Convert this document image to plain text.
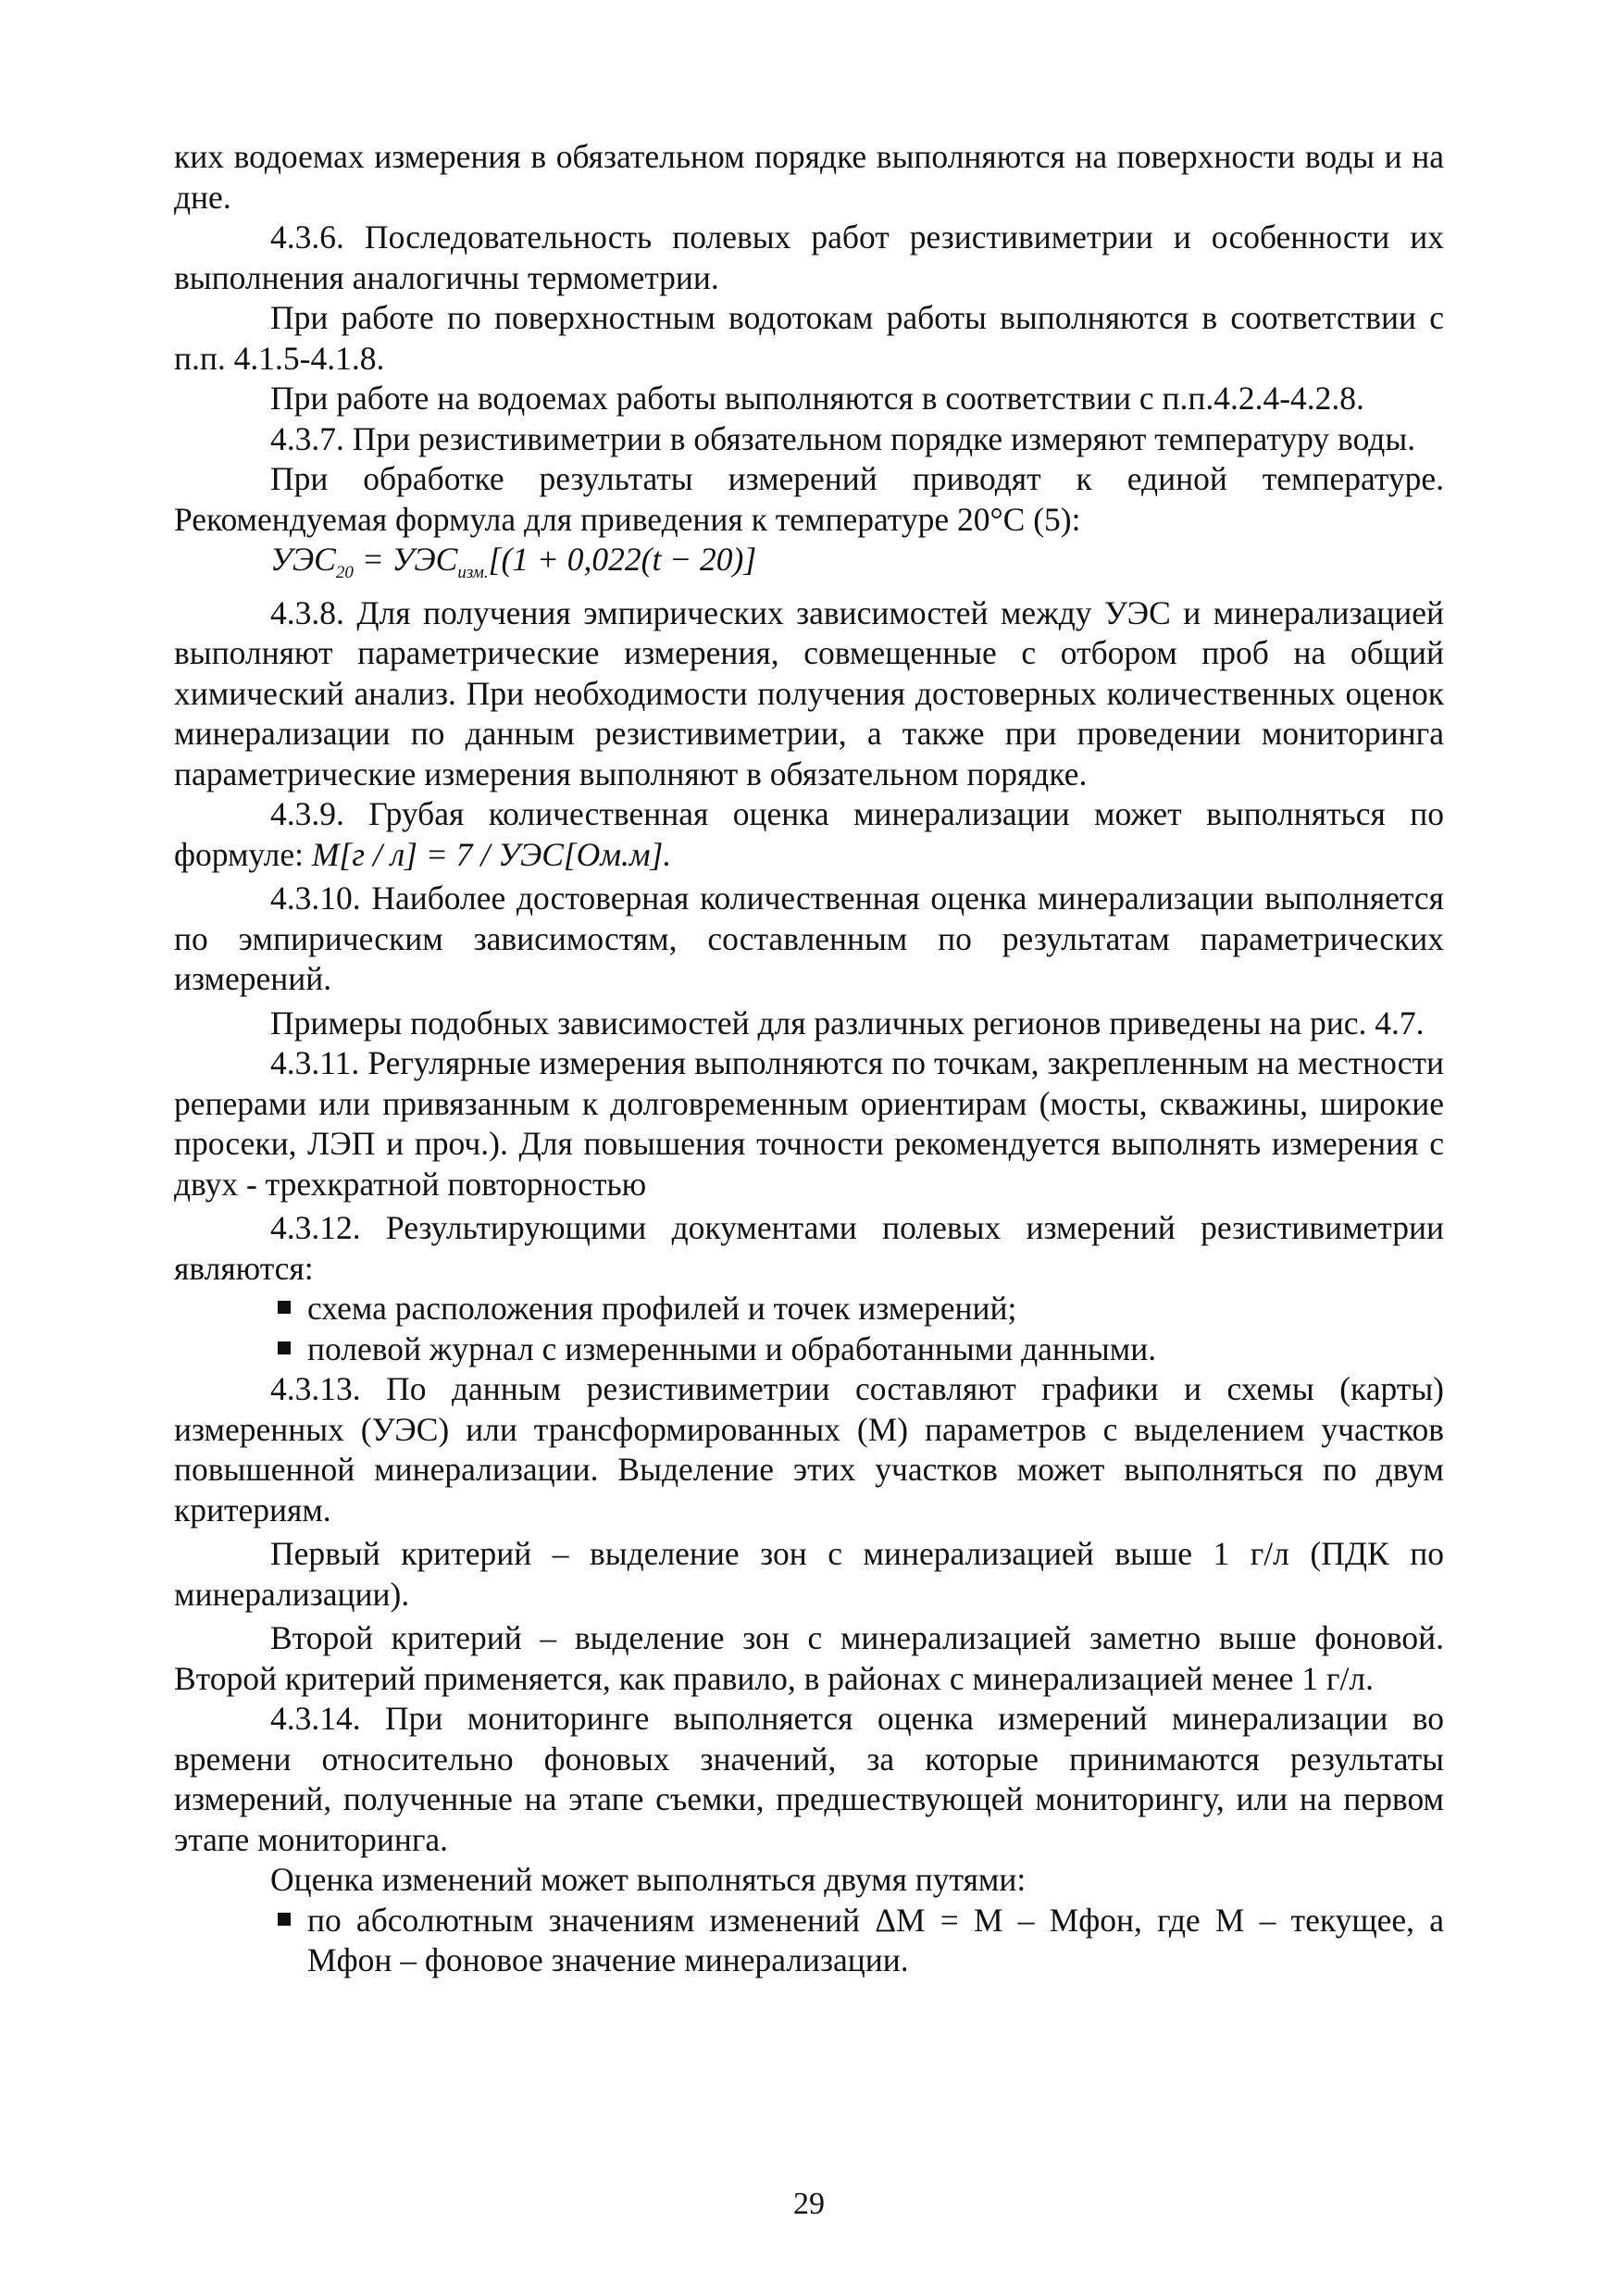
ких водоемах измерения в обязательном порядке выполняются на поверхности воды и на дне.

4.3.6. Последовательность полевых работ резистивиметрии и особенности их выполнения аналогичны термометрии.

При работе по поверхностным водотокам работы выполняются в соответствии с п.п. 4.1.5-4.1.8.

При работе на водоемах работы выполняются в соответствии с п.п.4.2.4-4.2.8.

4.3.7. При резистивиметрии в обязательном порядке измеряют температуру воды.

При обработке результаты измерений приводят к единой температуре. Рекомендуемая формула для приведения к температуре 20°С (5):

$УЭС_{20} = УЭС_{изм.}[(1 + 0,022(t - 20)]$

4.3.8. Для получения эмпирических зависимостей между УЭС и минерализацией выполняют параметрические измерения, совмещенные с отбором проб на общий химический анализ. При необходимости получения достоверных количественных оценок минерализации по данным резистивиметрии, а также при проведении мониторинга параметрические измерения выполняют в обязательном порядке.

4.3.9. Грубая количественная оценка минерализации может выполняться по формуле: M[г / л] = 7 / УЭС[Ом.м].

4.3.10. Наиболее достоверная количественная оценка минерализации выполняется по эмпирическим зависимостям, составленным по результатам параметрических измерений.

Примеры подобных зависимостей для различных регионов приведены на рис. 4.7.

4.3.11. Регулярные измерения выполняются по точкам, закрепленным на местности реперами или привязанным к долговременным ориентирам (мосты, скважины, широкие просеки, ЛЭП и проч.). Для повышения точности рекомендуется выполнять измерения с двух - трехкратной повторностью

4.3.12. Результирующими документами полевых измерений резистивиметрии являются:

схема расположения профилей и точек измерений;

полевой журнал с измеренными и обработанными данными.

4.3.13. По данным резистивиметрии составляют графики и схемы (карты) измеренных (УЭС) или трансформированных (М) параметров с выделением участков повышенной минерализации. Выделение этих участков может выполняться по двум критериям.

Первый критерий – выделение зон с минерализацией выше 1 г/л (ПДК по минерализации).

Второй критерий – выделение зон с минерализацией заметно выше фоновой. Второй критерий применяется, как правило, в районах с минерализацией менее 1 г/л.

4.3.14. При мониторинге выполняется оценка измерений минерализации во времени относительно фоновых значений, за которые принимаются результаты измерений, полученные на этапе съемки, предшествующей мониторингу, или на первом этапе мониторинга.

Оценка изменений может выполняться двумя путями:

по абсолютным значениям изменений ΔМ = М – Мфон, где М – текущее, а Мфон – фоновое значение минерализации.

29
